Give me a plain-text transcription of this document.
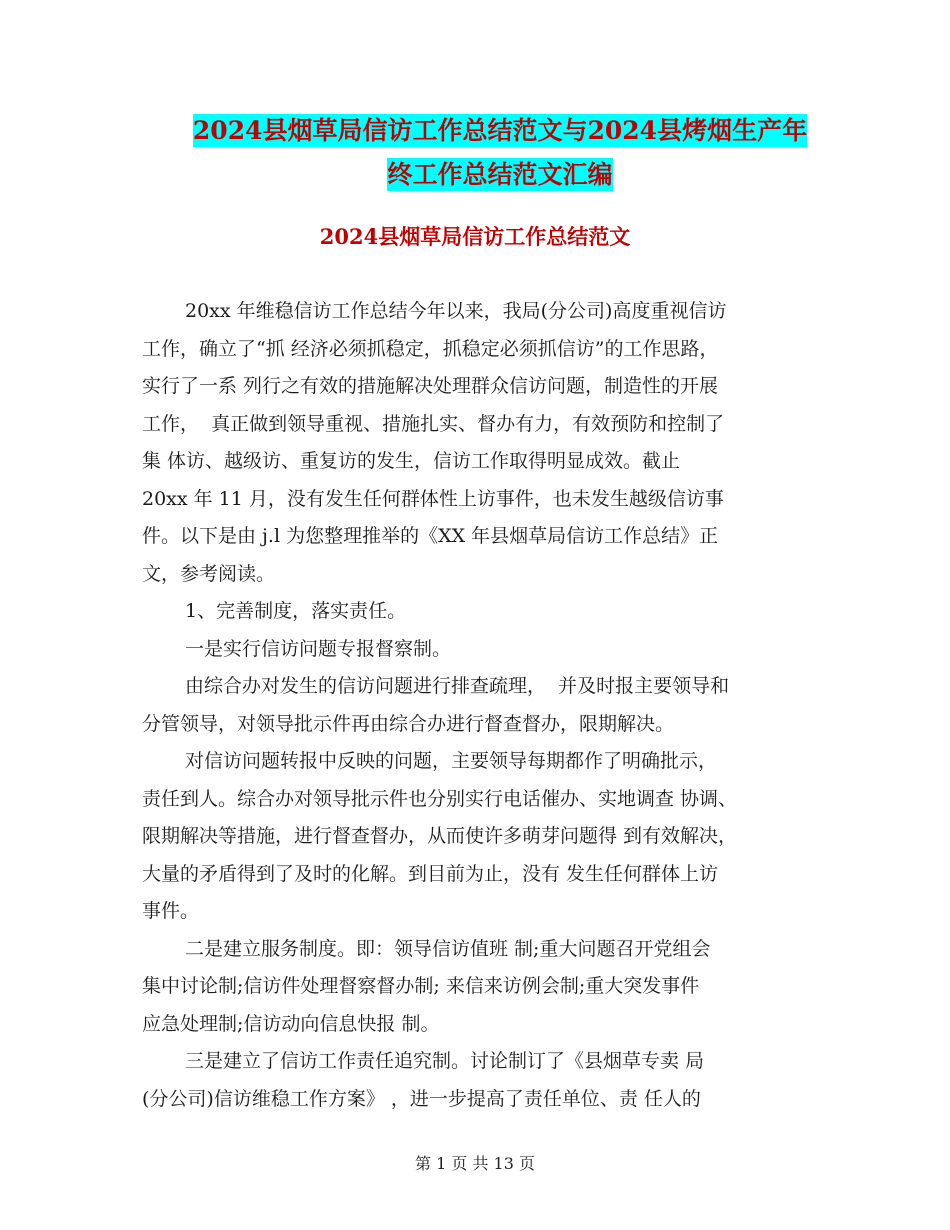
2024县烟草局信访工作总结范文与2024县烤烟生产年
终工作总结范文汇编
2024县烟草局信访工作总结范文
20xx 年维稳信访工作总结今年以来，我局(分公司)高度重视信访
工作，确立了“抓 经济必须抓稳定，抓稳定必须抓信访”的工作思路，
实行了一系 列行之有效的措施解决处理群众信访问题，制造性的开展
工作，  真正做到领导重视、措施扎实、督办有力，有效预防和控制了
集 体访、越级访、重复访的发生，信访工作取得明显成效。截止
20xx 年 11 月，没有发生任何群体性上访事件，也未发生越级信访事
件。以下是由 j.l 为您整理推举的《XX 年县烟草局信访工作总结》正
文，参考阅读。
1、完善制度，落实责任。
一是实行信访问题专报督察制。
由综合办对发生的信访问题进行排查疏理，  并及时报主要领导和
分管领导，对领导批示件再由综合办进行督查督办，限期解决。
对信访问题转报中反映的问题，主要领导每期都作了明确批示，
责任到人。综合办对领导批示件也分别实行电话催办、实地调查 协调、
限期解决等措施，进行督查督办，从而使许多萌芽问题得 到有效解决，
大量的矛盾得到了及时的化解。到目前为止，没有 发生任何群体上访
事件。
二是建立服务制度。即：领导信访值班 制;重大问题召开党组会
集中讨论制;信访件处理督察督办制; 来信来访例会制;重大突发事件
应急处理制;信访动向信息快报 制。
三是建立了信访工作责任追究制。讨论制订了《县烟草专卖 局
(分公司)信访维稳工作方案》 ，进一步提高了责任单位、责 任人的
第 1 页 共 13 页
